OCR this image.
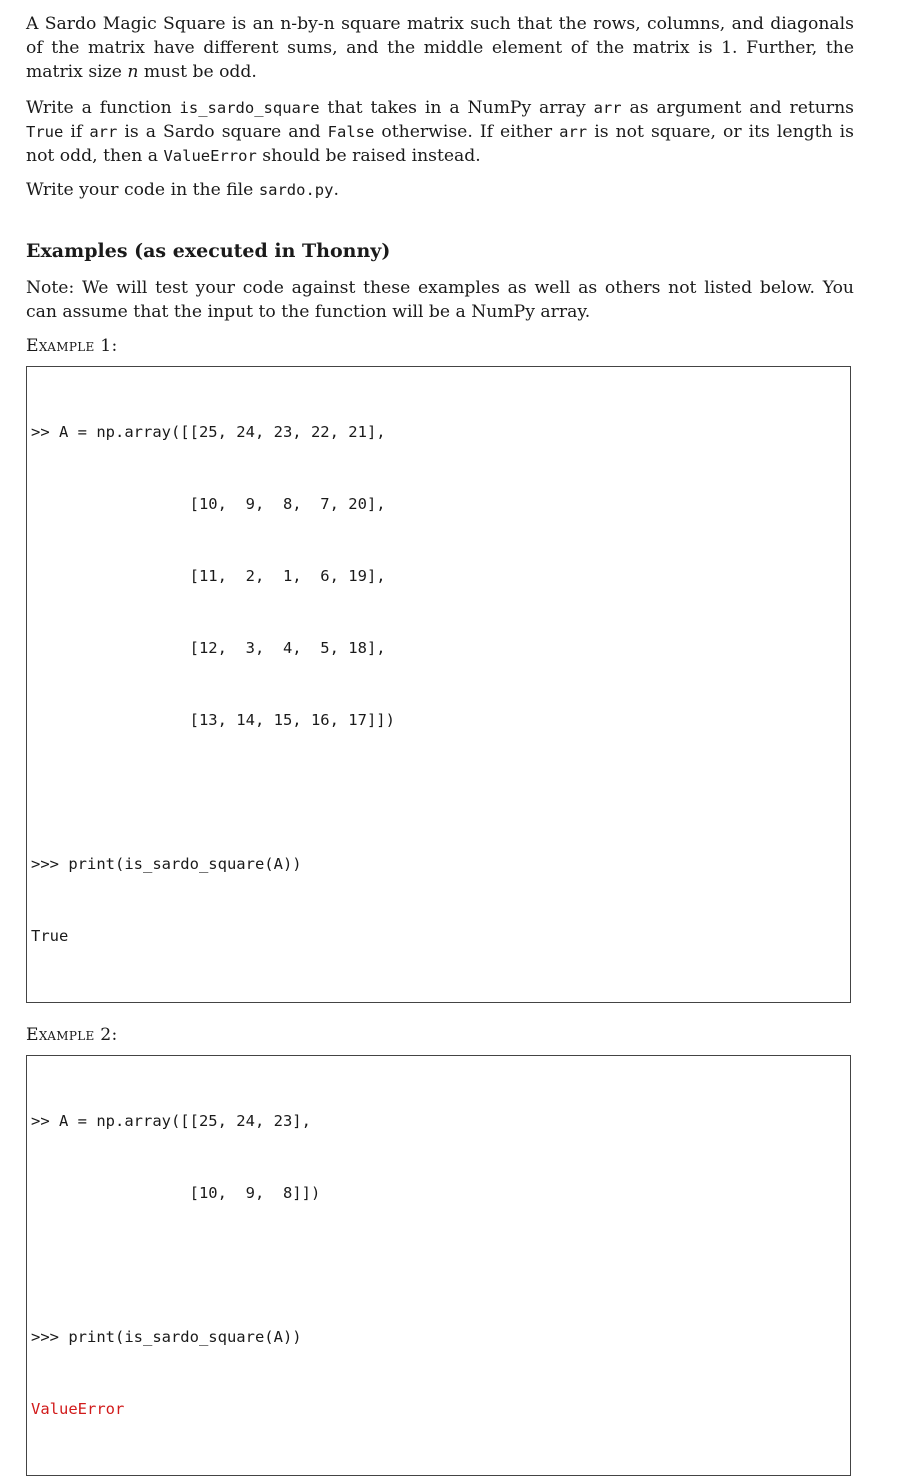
A Sardo Magic Square is an n-by-n square matrix such that the rows, columns, and diagonals of the matrix have different sums, and the middle element of the matrix is 1. Further, the matrix size n must be odd.

Write a function is_sardo_square that takes in a NumPy array arr as argument and returns True if arr is a Sardo square and False otherwise. If either arr is not square, or its length is not odd, then a ValueError should be raised instead.

Write your code in the file sardo.py.

Examples (as executed in Thonny)

Note: We will test your code against these examples as well as others not listed below. You can assume that the input to the function will be a NumPy array.

Example 1:

>> A = np.array([[25, 24, 23, 22, 21],

[10,  9,  8,  7, 20],

[11,  2,  1,  6, 19],

[12,  3,  4,  5, 18],

[13, 14, 15, 16, 17]])

>>> print(is_sardo_square(A))

True

Example 2:

>> A = np.array([[25, 24, 23],

[10,  9,  8]])

>>> print(is_sardo_square(A))

ValueError
